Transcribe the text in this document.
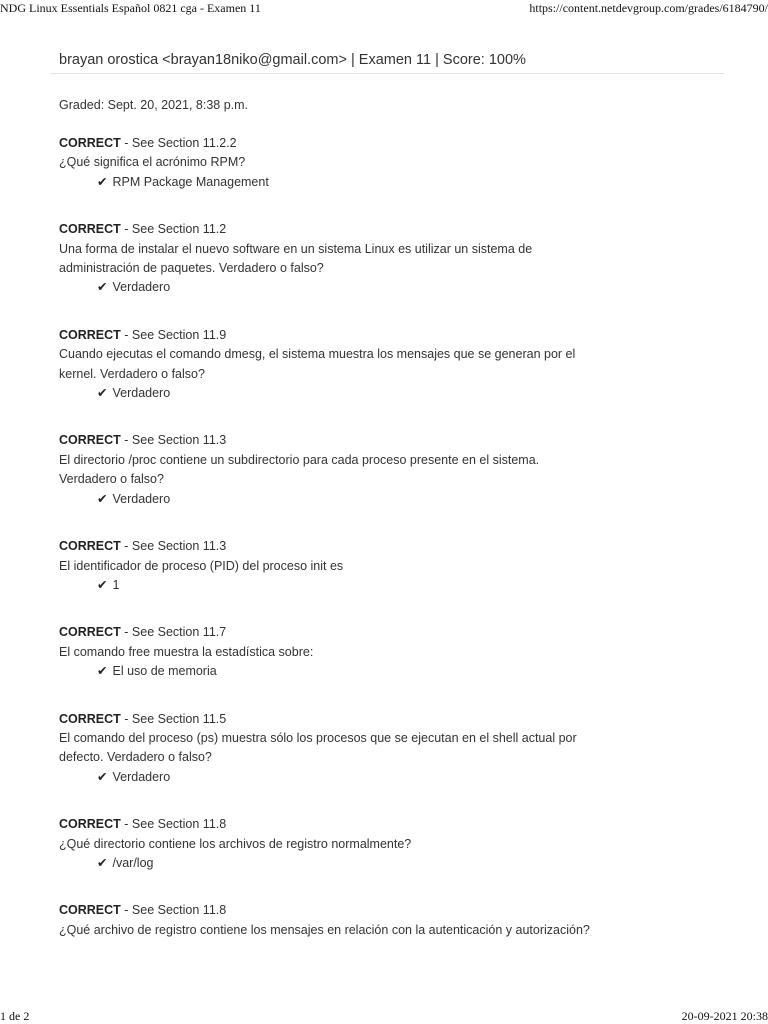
NDG Linux Essentials Español 0821 cga - Examen 11	https://content.netdevgroup.com/grades/6184790/
brayan orostica <brayan18niko@gmail.com> | Examen 11 | Score: 100%
Graded: Sept. 20, 2021, 8:38 p.m.
CORRECT - See Section 11.2.2
¿Qué significa el acrónimo RPM?
✔ RPM Package Management
CORRECT - See Section 11.2
Una forma de instalar el nuevo software en un sistema Linux es utilizar un sistema de administración de paquetes. Verdadero o falso?
✔ Verdadero
CORRECT - See Section 11.9
Cuando ejecutas el comando dmesg, el sistema muestra los mensajes que se generan por el kernel. Verdadero o falso?
✔ Verdadero
CORRECT - See Section 11.3
El directorio /proc contiene un subdirectorio para cada proceso presente en el sistema. Verdadero o falso?
✔ Verdadero
CORRECT - See Section 11.3
El identificador de proceso (PID) del proceso init es
✔ 1
CORRECT - See Section 11.7
El comando free muestra la estadística sobre:
✔ El uso de memoria
CORRECT - See Section 11.5
El comando del proceso (ps) muestra sólo los procesos que se ejecutan en el shell actual por defecto. Verdadero o falso?
✔ Verdadero
CORRECT - See Section 11.8
¿Qué directorio contiene los archivos de registro normalmente?
✔ /var/log
CORRECT - See Section 11.8
¿Qué archivo de registro contiene los mensajes en relación con la autenticación y autorización?
1 de 2	20-09-2021 20:38
